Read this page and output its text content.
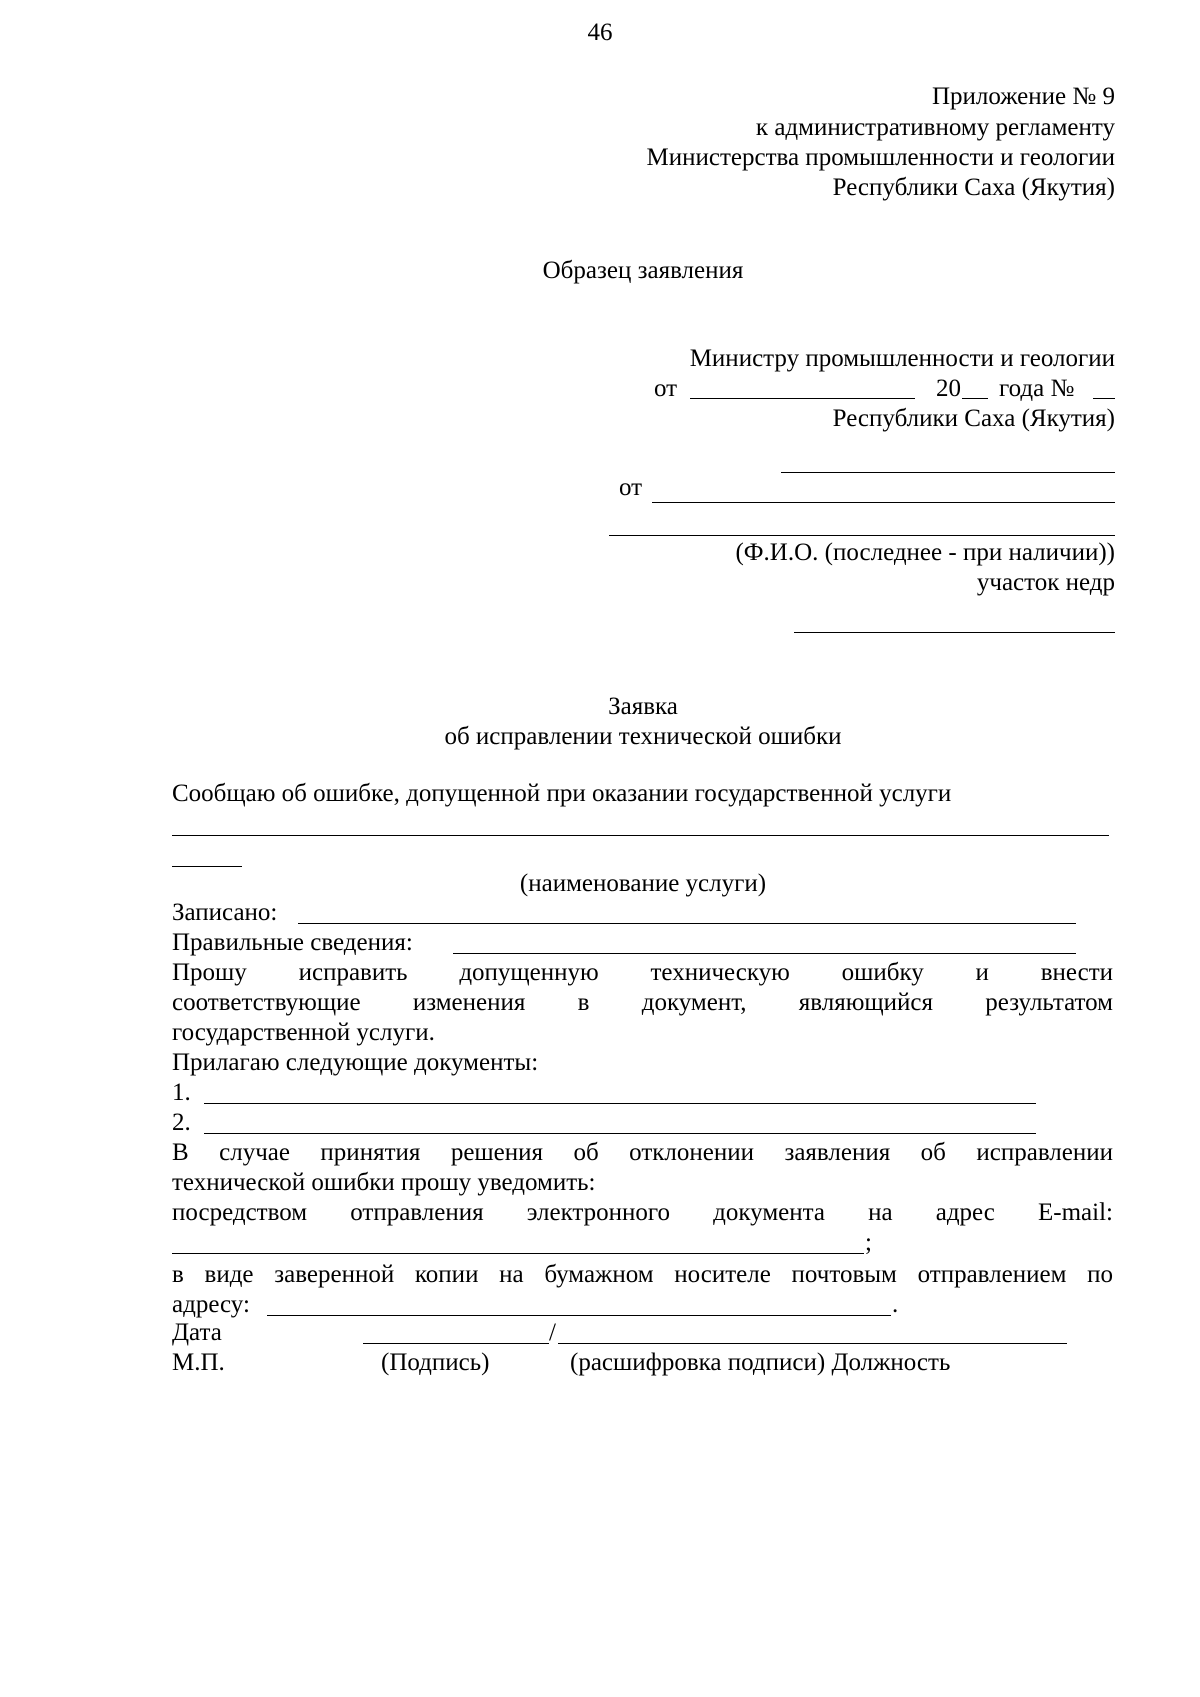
46
Приложение № 9
к административному регламенту
Министерства промышленности и геологии
Республики Саха (Якутия)
Образец заявления
Министру промышленности и геологии
от	20 года №
Республики Саха (Якутия)
от
(Ф.И.О. (последнее - при наличии))
участок недр
Заявка
об исправлении технической ошибки
Сообщаю об ошибке, допущенной при оказании государственной услуги
(наименование услуги)
Записано:
Правильные сведения:
Прошу исправить допущенную техническую ошибку и внести
соответствующие изменения в документ, являющийся результатом
государственной услуги.
Прилагаю следующие документы:
1.
2.
В случае принятия решения об отклонении заявления об исправлении
технической ошибки прошу уведомить:
посредством отправления электронного документа на адрес E-mail:
;
в виде заверенной копии на бумажном носителе почтовым отправлением по
адресу:	.
Дата	/
М.П.	(Подпись)	(расшифровка подписи) Должность
